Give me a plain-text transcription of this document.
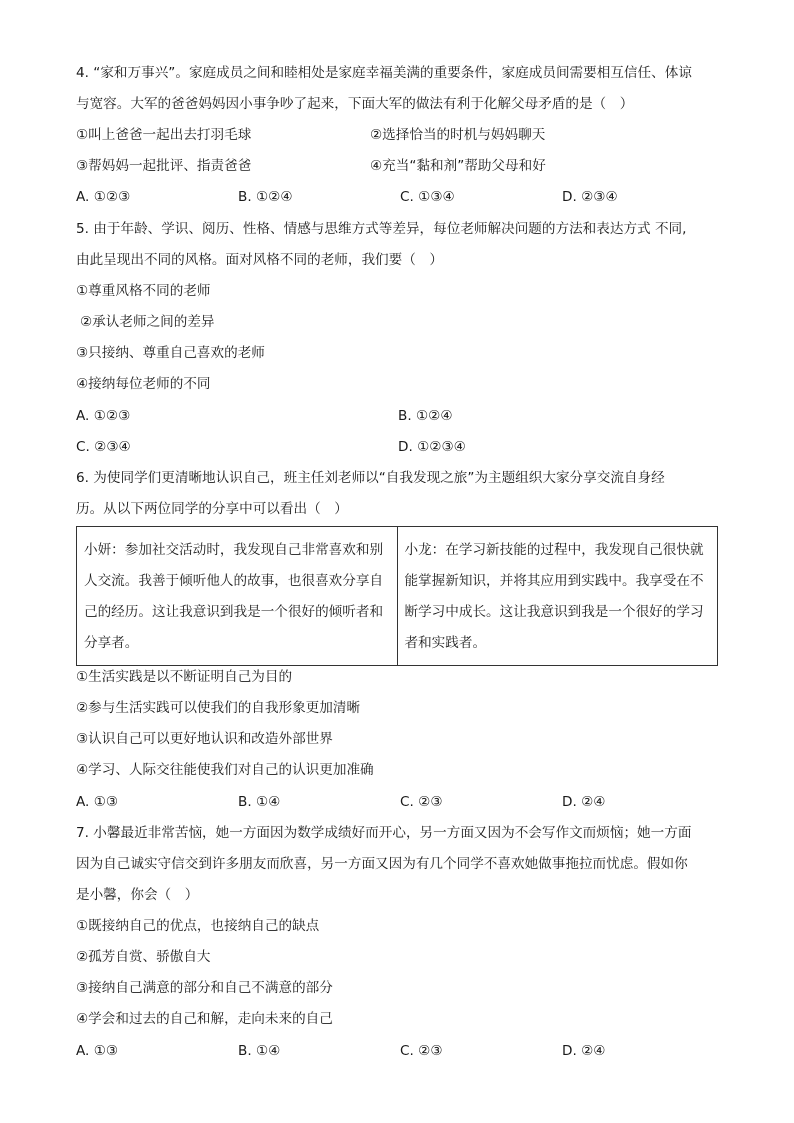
4. “家和万事兴”。家庭成员之间和睦相处是家庭幸福美满的重要条件，家庭成员间需要相互信任、体谅
与宽容。大军的爸爸妈妈因小事争吵了起来，下面大军的做法有利于化解父母矛盾的是（　）
①叫上爸爸一起出去打羽毛球	②选择恰当的时机与妈妈聊天
③帮妈妈一起批评、指责爸爸	④充当“黏和剂”帮助父母和好
A. ①②③	B. ①②④	C. ①③④	D. ②③④
5. 由于年龄、学识、阅历、性格、情感与思维方式等差异，每位老师解决问题的方法和表达方式 不同,
由此呈现出不同的风格。面对风格不同的老师，我们要（　）
①尊重风格不同的老师
②承认老师之间的差异
③只接纳、尊重自己喜欢的老师
④接纳每位老师的不同
A. ①②③	B. ①②④
C. ②③④	D. ①②③④
6. 为使同学们更清晰地认识自己，班主任刘老师以“自我发现之旅”为主题组织大家分享交流自身经
历。从以下两位同学的分享中可以看出（　）
小妍：参加社交活动时，我发现自己非常喜欢和别人交流。我善于倾听他人的故事，也很喜欢分享自己的经历。这让我意识到我是一个很好的倾听者和分享者。	小龙：在学习新技能的过程中，我发现自己很快就能掌握新知识，并将其应用到实践中。我享受在不断学习中成长。这让我意识到我是一个很好的学习者和实践者。
①生活实践是以不断证明自己为目的
②参与生活实践可以使我们的自我形象更加清晰
③认识自己可以更好地认识和改造外部世界
④学习、人际交往能使我们对自己的认识更加准确
A. ①③	B. ①④	C. ②③	D. ②④
7. 小馨最近非常苦恼，她一方面因为数学成绩好而开心，另一方面又因为不会写作文而烦恼；她一方面
因为自己诚实守信交到许多朋友而欣喜，另一方面又因为有几个同学不喜欢她做事拖拉而忧虑。假如你
是小馨，你会（　）
①既接纳自己的优点，也接纳自己的缺点
②孤芳自赏、骄傲自大
③接纳自己满意的部分和自己不满意的部分
④学会和过去的自己和解，走向未来的自己
A. ①③	B. ①④	C. ②③	D. ②④
